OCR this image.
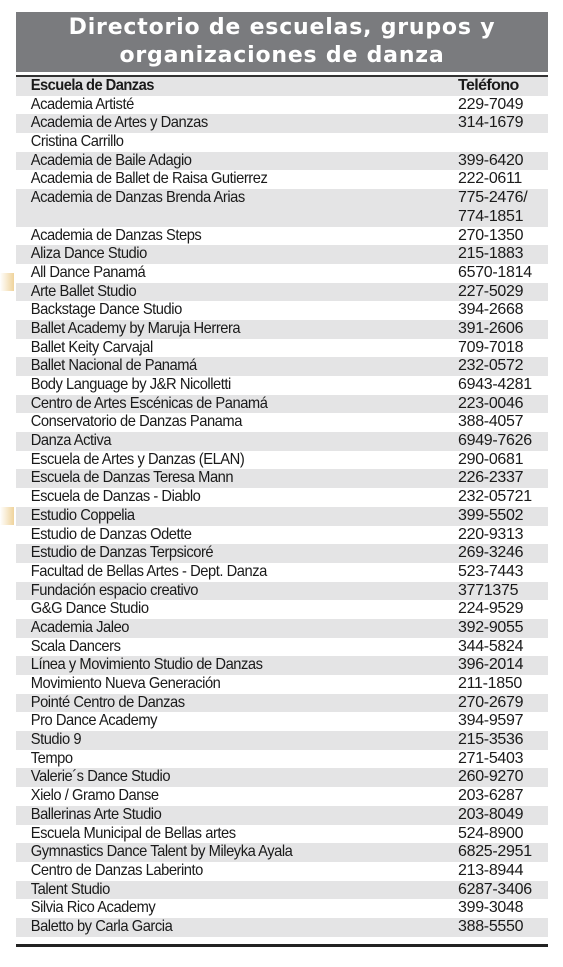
Directorio de escuelas, grupos y
organizaciones de danza
Escuela de Danzas	Teléfono
Academia Artisté	229-7049
Academia de Artes y Danzas	314-1679
Cristina Carrillo
Academia de Baile Adagio	399-6420
Academia de Ballet de Raisa Gutierrez	222-0611
Academia de Danzas Brenda Arias	775-2476/
774-1851
Academia de Danzas Steps	270-1350
Aliza Dance Studio	215-1883
All Dance Panamá	6570-1814
Arte Ballet Studio	227-5029
Backstage Dance Studio	394-2668
Ballet Academy by Maruja Herrera	391-2606
Ballet Keity Carvajal	709-7018
Ballet Nacional de Panamá	232-0572
Body Language by J&R Nicolletti	6943-4281
Centro de Artes Escénicas de Panamá	223-0046
Conservatorio de Danzas Panama	388-4057
Danza Activa	6949-7626
Escuela de Artes y Danzas (ELAN)	290-0681
Escuela de Danzas Teresa Mann	226-2337
Escuela de Danzas - Diablo	232-05721
Estudio Coppelia	399-5502
Estudio de Danzas Odette	220-9313
Estudio de Danzas Terpsicoré	269-3246
Facultad de Bellas Artes - Dept. Danza	523-7443
Fundación espacio creativo	3771375
G&G Dance Studio	224-9529
Academia Jaleo	392-9055
Scala Dancers	344-5824
Línea y Movimiento Studio de Danzas	396-2014
Movimiento Nueva Generación	211-1850
Pointé Centro de Danzas	270-2679
Pro Dance Academy	394-9597
Studio 9	215-3536
Tempo	271-5403
Valerie´s Dance Studio	260-9270
Xielo / Gramo Danse	203-6287
Ballerinas Arte Studio	203-8049
Escuela Municipal de Bellas artes	524-8900
Gymnastics Dance Talent by Mileyka Ayala	6825-2951
Centro de Danzas Laberinto	213-8944
Talent Studio	6287-3406
Silvia Rico Academy	399-3048
Baletto by Carla Garcia	388-5550
